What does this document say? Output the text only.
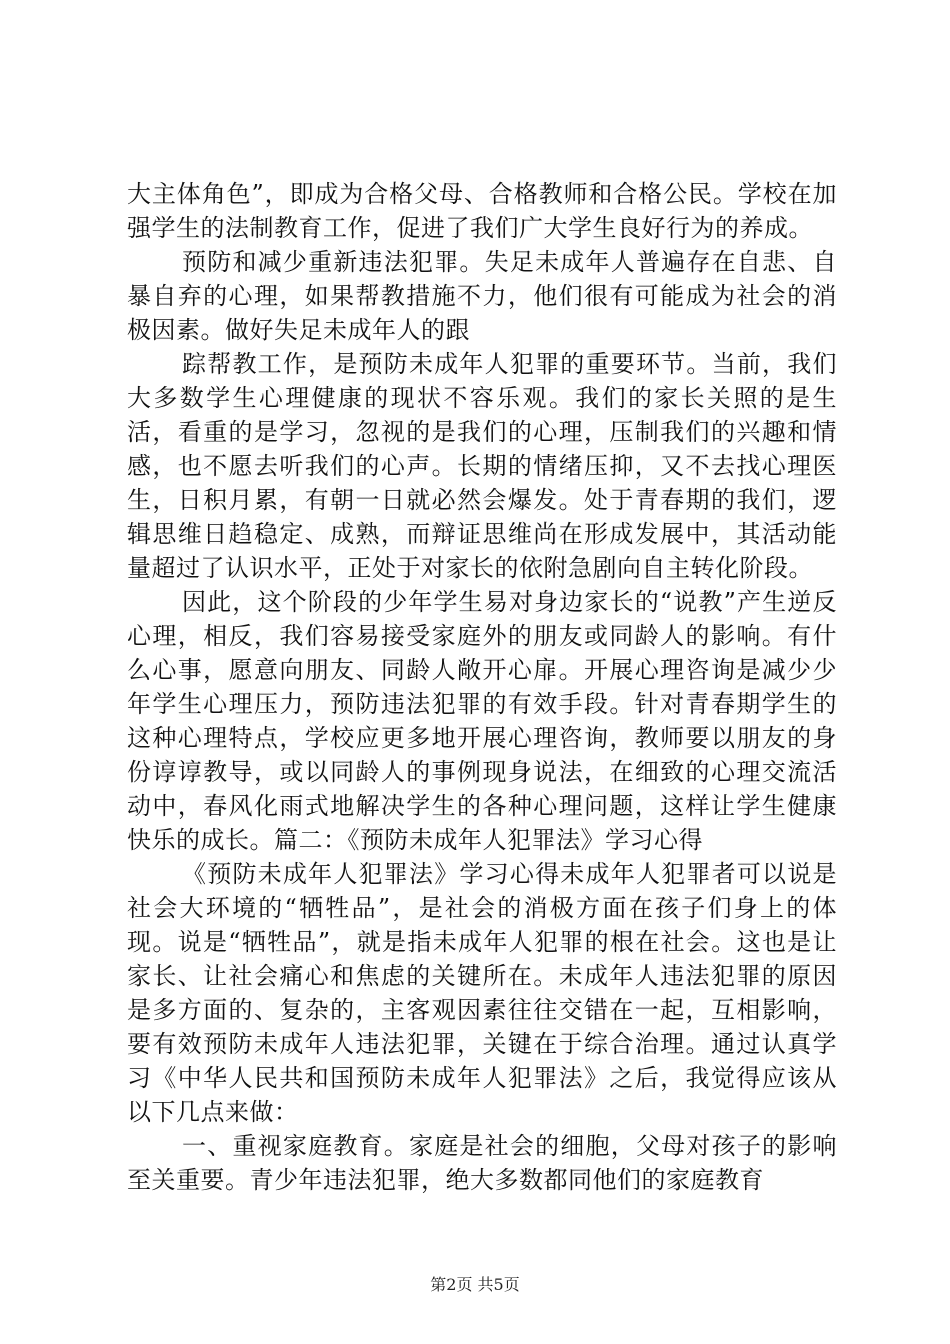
大主体角色”，即成为合格父母、合格教师和合格公民。学校在加强学生的法制教育工作，促进了我们广大学生良好行为的养成。

预防和减少重新违法犯罪。失足未成年人普遍存在自悲、自暴自弃的心理，如果帮教措施不力，他们很有可能成为社会的消极因素。做好失足未成年人的跟

踪帮教工作，是预防未成年人犯罪的重要环节。当前，我们大多数学生心理健康的现状不容乐观。我们的家长关照的是生活，看重的是学习，忽视的是我们的心理，压制我们的兴趣和情感，也不愿去听我们的心声。长期的情绪压抑，又不去找心理医生，日积月累，有朝一日就必然会爆发。处于青春期的我们，逻辑思维日趋稳定、成熟，而辩证思维尚在形成发展中，其活动能量超过了认识水平，正处于对家长的依附急剧向自主转化阶段。

因此，这个阶段的少年学生易对身边家长的“说教”产生逆反心理，相反，我们容易接受家庭外的朋友或同龄人的影响。有什么心事，愿意向朋友、同龄人敞开心扉。开展心理咨询是减少少年学生心理压力，预防违法犯罪的有效手段。针对青春期学生的这种心理特点，学校应更多地开展心理咨询，教师要以朋友的身份谆谆教导，或以同龄人的事例现身说法，在细致的心理交流活动中，春风化雨式地解决学生的各种心理问题，这样让学生健康快乐的成长。篇二：《预防未成年人犯罪法》学习心得

《预防未成年人犯罪法》学习心得未成年人犯罪者可以说是社会大环境的“牺牲品”，是社会的消极方面在孩子们身上的体现。说是“牺牲品”，就是指未成年人犯罪的根在社会。这也是让家长、让社会痛心和焦虑的关键所在。未成年人违法犯罪的原因是多方面的、复杂的，主客观因素往往交错在一起，互相影响，要有效预防未成年人违法犯罪，关键在于综合治理。通过认真学习《中华人民共和国预防未成年人犯罪法》之后，我觉得应该从以下几点来做：

一、重视家庭教育。家庭是社会的细胞，父母对孩子的影响至关重要。青少年违法犯罪，绝大多数都同他们的家庭教育

第2页 共5页
